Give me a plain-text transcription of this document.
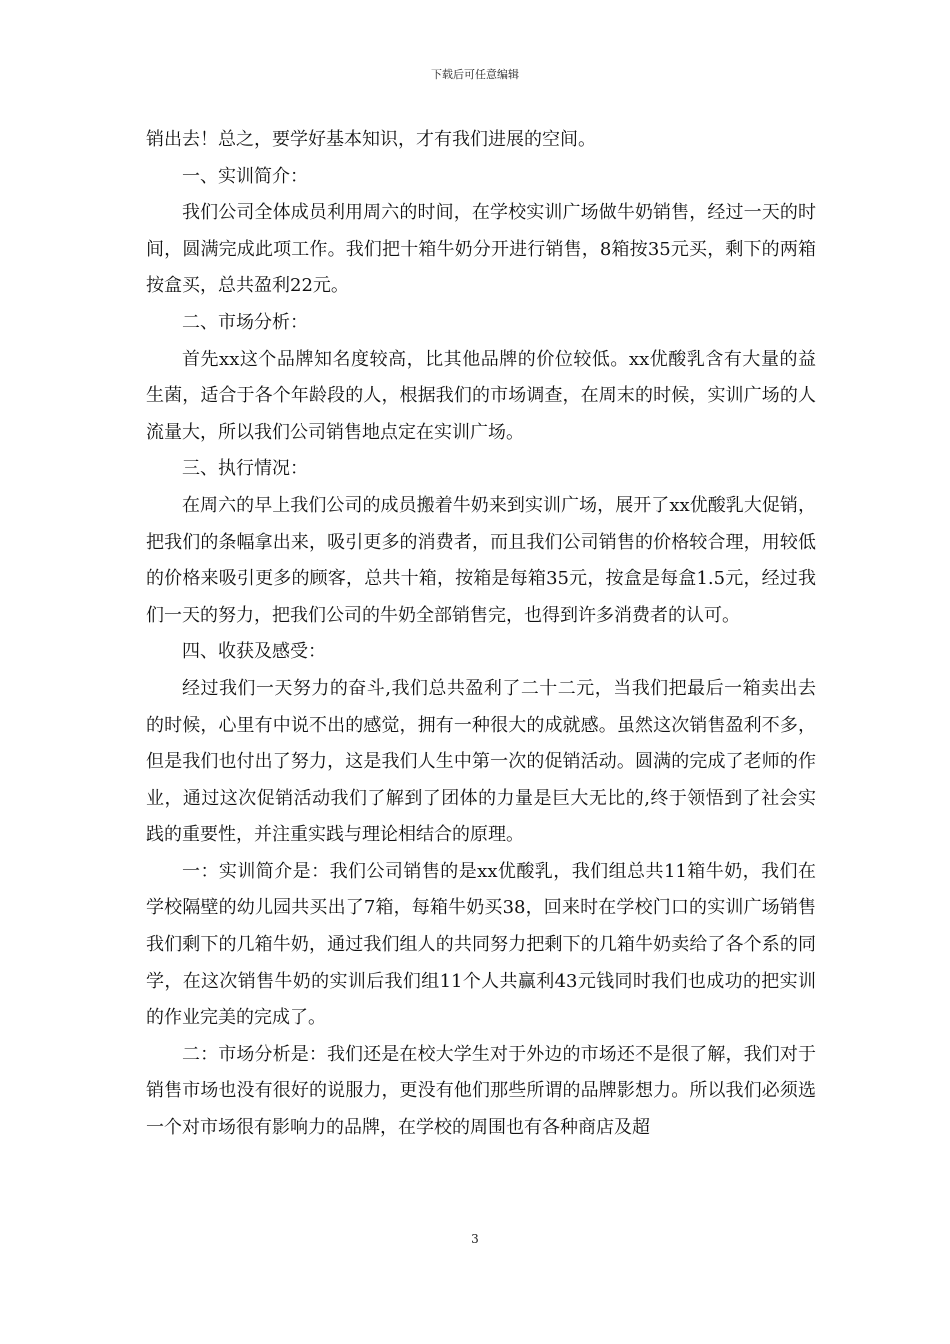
下载后可任意编辑

销出去！总之，要学好基本知识，才有我们进展的空间。

一、实训简介：

我们公司全体成员利用周六的时间，在学校实训广场做牛奶销售，经过一天的时间，圆满完成此项工作。我们把十箱牛奶分开进行销售，8箱按35元买，剩下的两箱按盒买，总共盈利22元。

二、市场分析：

首先xx这个品牌知名度较高，比其他品牌的价位较低。xx优酸乳含有大量的益生菌，适合于各个年龄段的人，根据我们的市场调查，在周末的时候，实训广场的人流量大，所以我们公司销售地点定在实训广场。

三、执行情况：

在周六的早上我们公司的成员搬着牛奶来到实训广场，展开了xx优酸乳大促销，把我们的条幅拿出来，吸引更多的消费者，而且我们公司销售的价格较合理，用较低的价格来吸引更多的顾客，总共十箱，按箱是每箱35元，按盒是每盒1.5元，经过我们一天的努力，把我们公司的牛奶全部销售完，也得到许多消费者的认可。

四、收获及感受：

经过我们一天努力的奋斗,我们总共盈利了二十二元，当我们把最后一箱卖出去的时候，心里有中说不出的感觉，拥有一种很大的成就感。虽然这次销售盈利不多，但是我们也付出了努力，这是我们人生中第一次的促销活动。圆满的完成了老师的作业，通过这次促销活动我们了解到了团体的力量是巨大无比的,终于领悟到了社会实践的重要性，并注重实践与理论相结合的原理。

一：实训简介是：我们公司销售的是xx优酸乳，我们组总共11箱牛奶，我们在学校隔壁的幼儿园共买出了7箱，每箱牛奶买38，回来时在学校门口的实训广场销售我们剩下的几箱牛奶，通过我们组人的共同努力把剩下的几箱牛奶卖给了各个系的同学，在这次销售牛奶的实训后我们组11个人共赢利43元钱同时我们也成功的把实训的作业完美的完成了。

二：市场分析是：我们还是在校大学生对于外边的市场还不是很了解，我们对于销售市场也没有很好的说服力，更没有他们那些所谓的品牌影想力。所以我们必须选一个对市场很有影响力的品牌，在学校的周围也有各种商店及超

3
